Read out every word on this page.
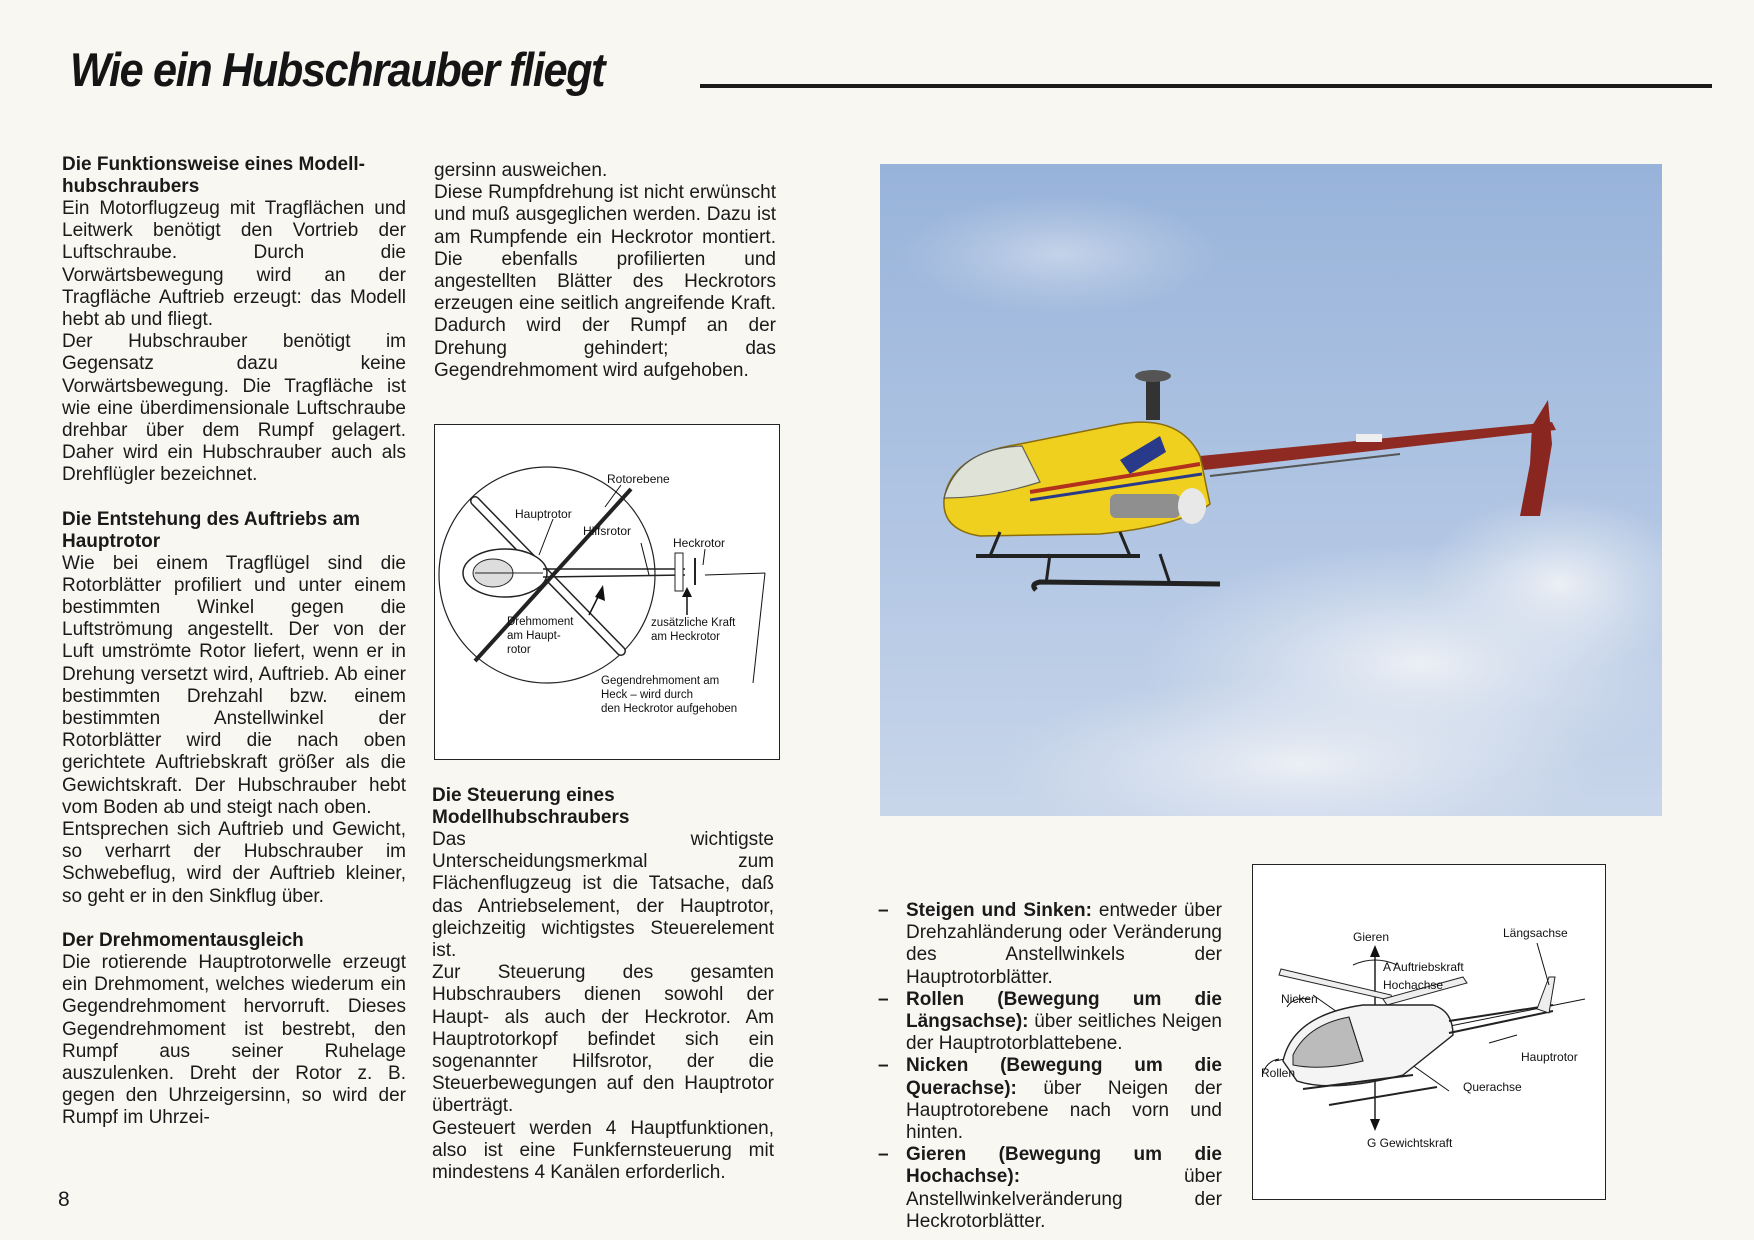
Wie ein Hubschrauber fliegt
Die Funktionsweise eines Modell-hubschraubers

Ein Motorflugzeug mit Tragflächen und Leitwerk benötigt den Vortrieb der Luftschraube. Durch die Vorwärtsbewegung wird an der Tragfläche Auftrieb erzeugt: das Modell hebt ab und fliegt.

Der Hubschrauber benötigt im Gegensatz dazu keine Vorwärtsbewegung. Die Tragfläche ist wie eine überdimensionale Luftschraube drehbar über dem Rumpf gelagert. Daher wird ein Hubschrauber auch als Drehflügler bezeichnet.

Die Entstehung des Auftriebs am Hauptrotor

Wie bei einem Tragflügel sind die Rotorblätter profiliert und unter einem bestimmten Winkel gegen die Luftströmung angestellt. Der von der Luft umströmte Rotor liefert, wenn er in Drehung versetzt wird, Auftrieb. Ab einer bestimmten Drehzahl bzw. einem bestimmten Anstellwinkel der Rotorblätter wird die nach oben gerichtete Auftriebskraft größer als die Gewichtskraft. Der Hubschrauber hebt vom Boden ab und steigt nach oben.

Entsprechen sich Auftrieb und Gewicht, so verharrt der Hubschrauber im Schwebeflug, wird der Auftrieb kleiner, so geht er in den Sinkflug über.

Der Drehmomentausgleich

Die rotierende Hauptrotorwelle erzeugt ein Drehmoment, welches wiederum ein Gegendrehmoment hervorruft. Dieses Gegendrehmoment ist bestrebt, den Rumpf aus seiner Ruhelage auszulenken. Dreht der Rotor z. B. gegen den Uhrzeigersinn, so wird der Rumpf im Uhrzei-

gersinn ausweichen.

Diese Rumpfdrehung ist nicht erwünscht und muß ausgeglichen werden. Dazu ist am Rumpfende ein Heckrotor montiert. Die ebenfalls profilierten und angestellten Blätter des Heckrotors erzeugen eine seitlich angreifende Kraft. Dadurch wird der Rumpf an der Drehung gehindert; das Gegendrehmoment wird aufgehoben.

Rotorebene
Hauptrotor
Hilfsrotor
Heckrotor
Drehmoment
am Haupt-
rotor
zusätzliche Kraft
am Heckrotor
Gegendrehmoment am
Heck – wird durch
den Heckrotor aufgehoben
Die Steuerung eines Modellhubschraubers

Das wichtigste Unterscheidungsmerkmal zum Flächenflugzeug ist die Tatsache, daß das Antriebselement, der Hauptrotor, gleichzeitig wichtigstes Steuerelement ist.

Zur Steuerung des gesamten Hubschraubers dienen sowohl der Haupt- als auch der Heckrotor. Am Hauptrotorkopf befindet sich ein sogenannter Hilfsrotor, der die Steuerbewegungen auf den Hauptrotor überträgt.

Gesteuert werden 4 Hauptfunktionen, also ist eine Funkfernsteuerung mit mindestens 4 Kanälen erforderlich.

– Steigen und Sinken: entweder über Drehzahländerung oder Veränderung des Anstellwinkels der Hauptrotorblätter.
– Rollen (Bewegung um die Längsachse): über seitliches Neigen der Hauptrotorblattebene.
– Nicken (Bewegung um die Querachse): über Neigen der Hauptrotorebene nach vorn und hinten.
– Gieren (Bewegung um die Hochachse): über Anstellwinkelveränderung der Heckrotorblätter.
Gieren	Längsachse
A Auftriebskraft
Hochachse
Nicken
Hauptrotor
Rollen
Querachse
G Gewichtskraft
8
